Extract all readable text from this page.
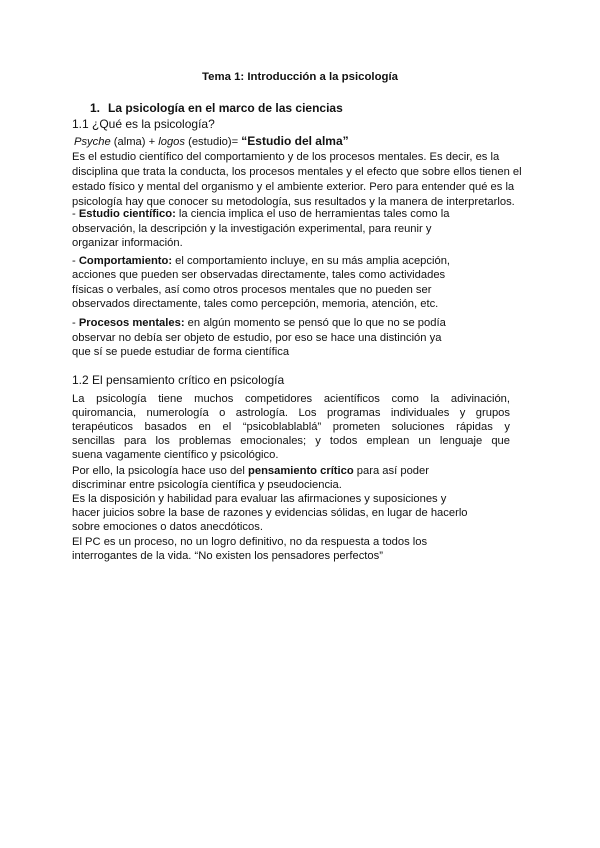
Tema 1: Introducción a la psicología
1. La psicología en el marco de las ciencias
1.1 ¿Qué es la psicología?
Psyche (alma) + logos (estudio)= “Estudio del alma”
Es el estudio científico del comportamiento y de los procesos mentales. Es decir, es la
disciplina que trata la conducta, los procesos mentales y el efecto que sobre ellos tienen el
estado físico y mental del organismo y el ambiente exterior. Pero para entender qué es la
psicología hay que conocer su metodología, sus resultados y la manera de interpretarlos.
- Estudio científico: la ciencia implica el uso de herramientas tales como la
observación, la descripción y la investigación experimental, para reunir y
organizar información.
- Comportamiento: el comportamiento incluye, en su más amplia acepción,
acciones que pueden ser observadas directamente, tales como actividades
físicas o verbales, así como otros procesos mentales que no pueden ser
observados directamente, tales como percepción, memoria, atención, etc.
- Procesos mentales: en algún momento se pensó que lo que no se podía
observar no debía ser objeto de estudio, por eso se hace una distinción ya
que sí se puede estudiar de forma científica
1.2 El pensamiento crítico en psicología
La psicología tiene muchos competidores acientíficos como la adivinación,
quiromancia, numerología o astrología. Los programas individuales y grupos
terapéuticos basados en el “psicoblablablá” prometen soluciones rápidas y
sencillas para los problemas emocionales; y todos emplean un lenguaje que
suena vagamente científico y psicológico.
Por ello, la psicología hace uso del pensamiento crítico para así poder
discriminar entre psicología científica y pseudociencia.
Es la disposición y habilidad para evaluar las afirmaciones y suposiciones y
hacer juicios sobre la base de razones y evidencias sólidas, en lugar de hacerlo
sobre emociones o datos anecdóticos.
El PC es un proceso, no un logro definitivo, no da respuesta a todos los
interrogantes de la vida. “No existen los pensadores perfectos”
